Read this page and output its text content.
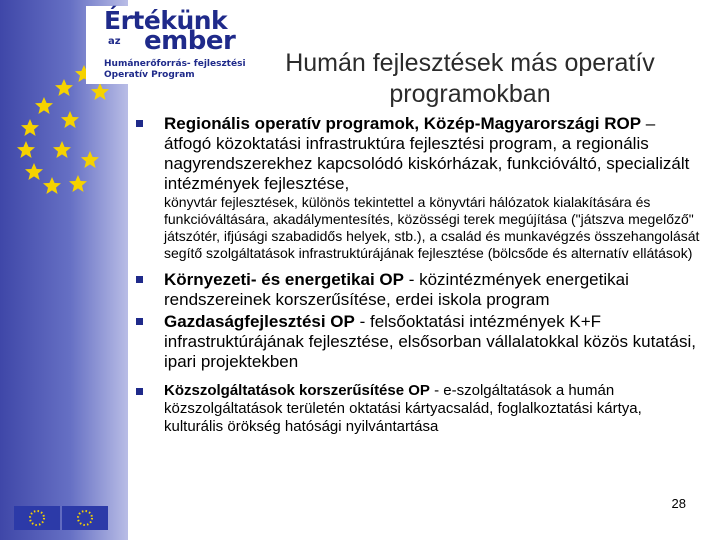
Értékünk
az ember
Humánerőforrás- fejlesztési
Operatív Program	Humán fejlesztések más operatív programokban
Regionális operatív programok, Közép-Magyarországi ROP – átfogó közoktatási infrastruktúra fejlesztési program, a regionális nagyrendszerekhez kapcsolódó kiskórházak, funkcióváltó, specializált intézmények fejlesztése,
könyvtár fejlesztések, különös tekintettel a könyvtári hálózatok kialakítására és funkcióváltására, akadálymentesítés, közösségi terek megújítása ("játszva megelőző" játszótér, ifjúsági szabadidős helyek, stb.), a család és munkavégzés összehangolását segítő szolgáltatások infrastruktúrájának fejlesztése (bölcsőde és alternatív ellátások)
Környezeti- és energetikai OP - közintézmények energetikai rendszereinek korszerűsítése, erdei iskola program
Gazdaságfejlesztési OP - felsőoktatási intézmények K+F infrastruktúrájának fejlesztése, elsősorban vállalatokkal közös kutatási, ipari projektekben
Közszolgáltatások korszerűsítése OP - e-szolgáltatások a humán közszolgáltatások területén oktatási kártyacsalád, foglalkoztatási kártya, kulturális örökség hatósági nyilvántartása
28
